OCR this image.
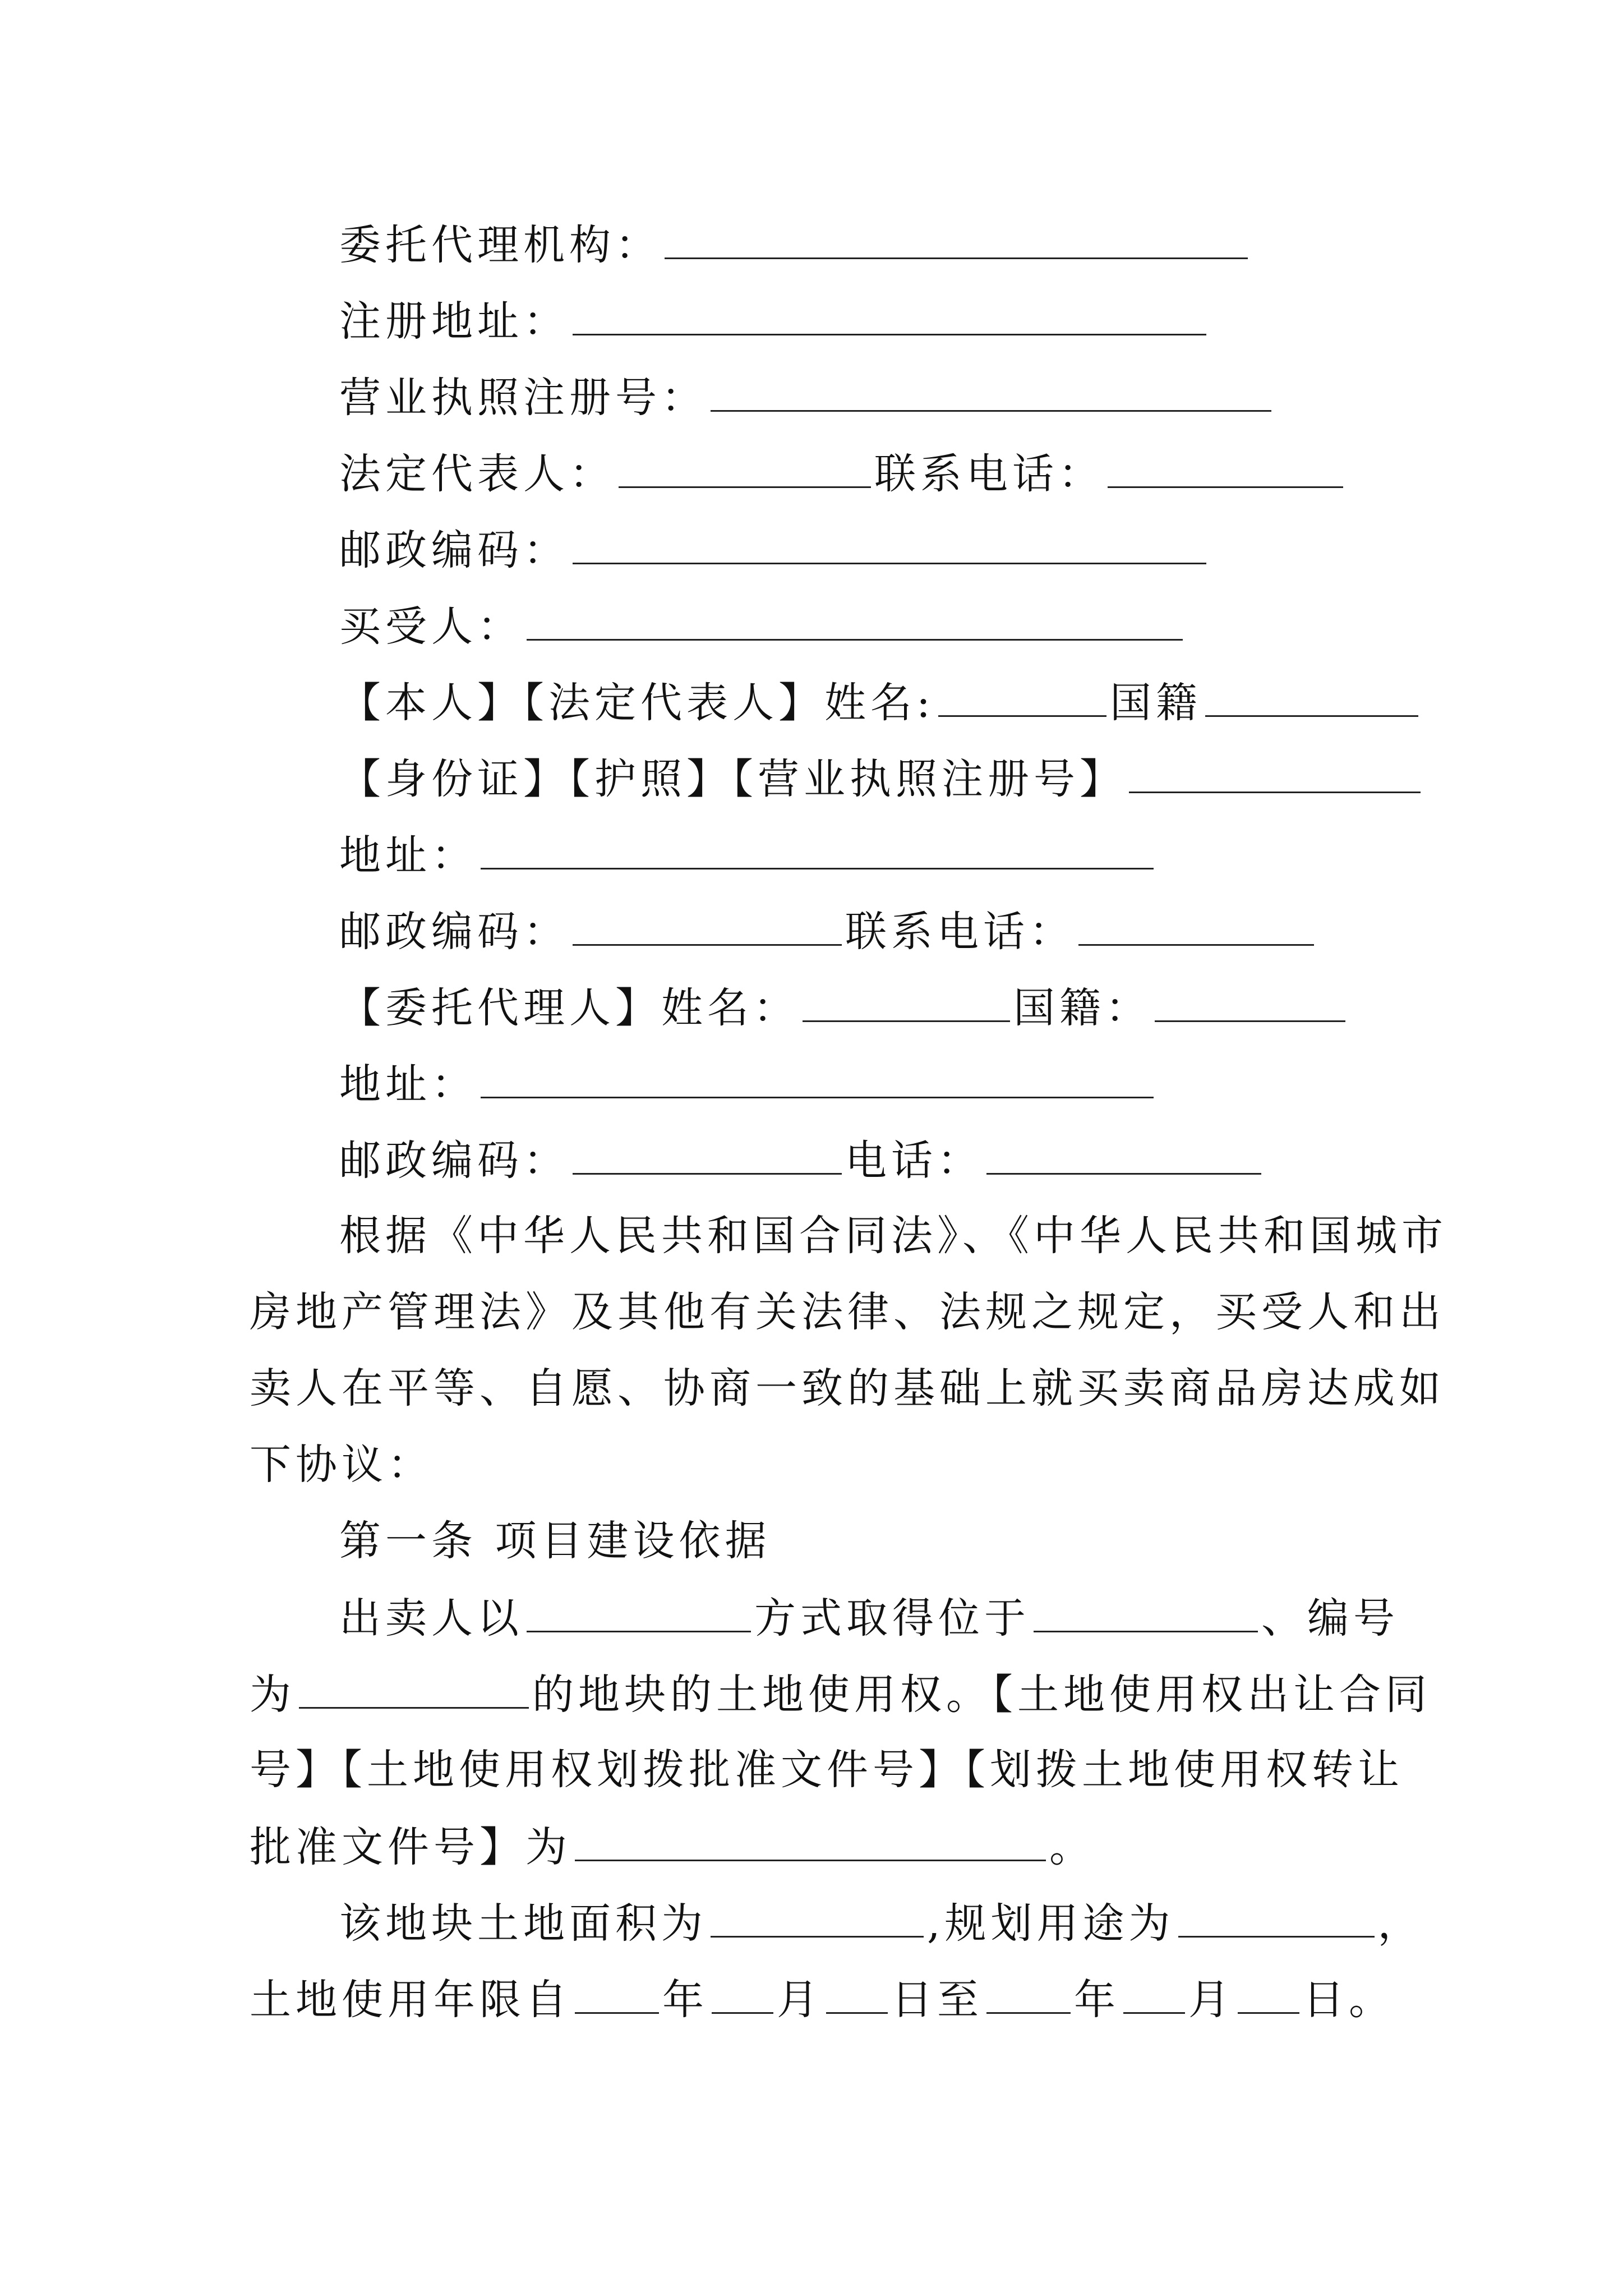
委托代理机构：
注册地址：
营业执照注册号：
法定代表人：	联系电话：
邮政编码：
买受人：
【本人】【法定代表人】姓名:	国籍
【身份证】【护照】【营业执照注册号】
地址：
邮政编码：	联系电话：
【委托代理人】姓名：	国籍：
地址：
邮政编码：	电话：
根据《中华人民共和国合同法》、《中华人民共和国城市
房地产管理法》及其他有关法律、法规之规定，买受人和出
卖人在平等、自愿、协商一致的基础上就买卖商品房达成如
下协议：
第一条 项目建设依据
出卖人以	方式取得位于	、编号
为	的地块的土地使用权。【土地使用权出让合同
号】【土地使用权划拨批准文件号】【划拨土地使用权转让
批准文件号】为	。
该地块土地面积为	,规划用途为	，
土地使用年限自 年 月 日至 年 月 日。
